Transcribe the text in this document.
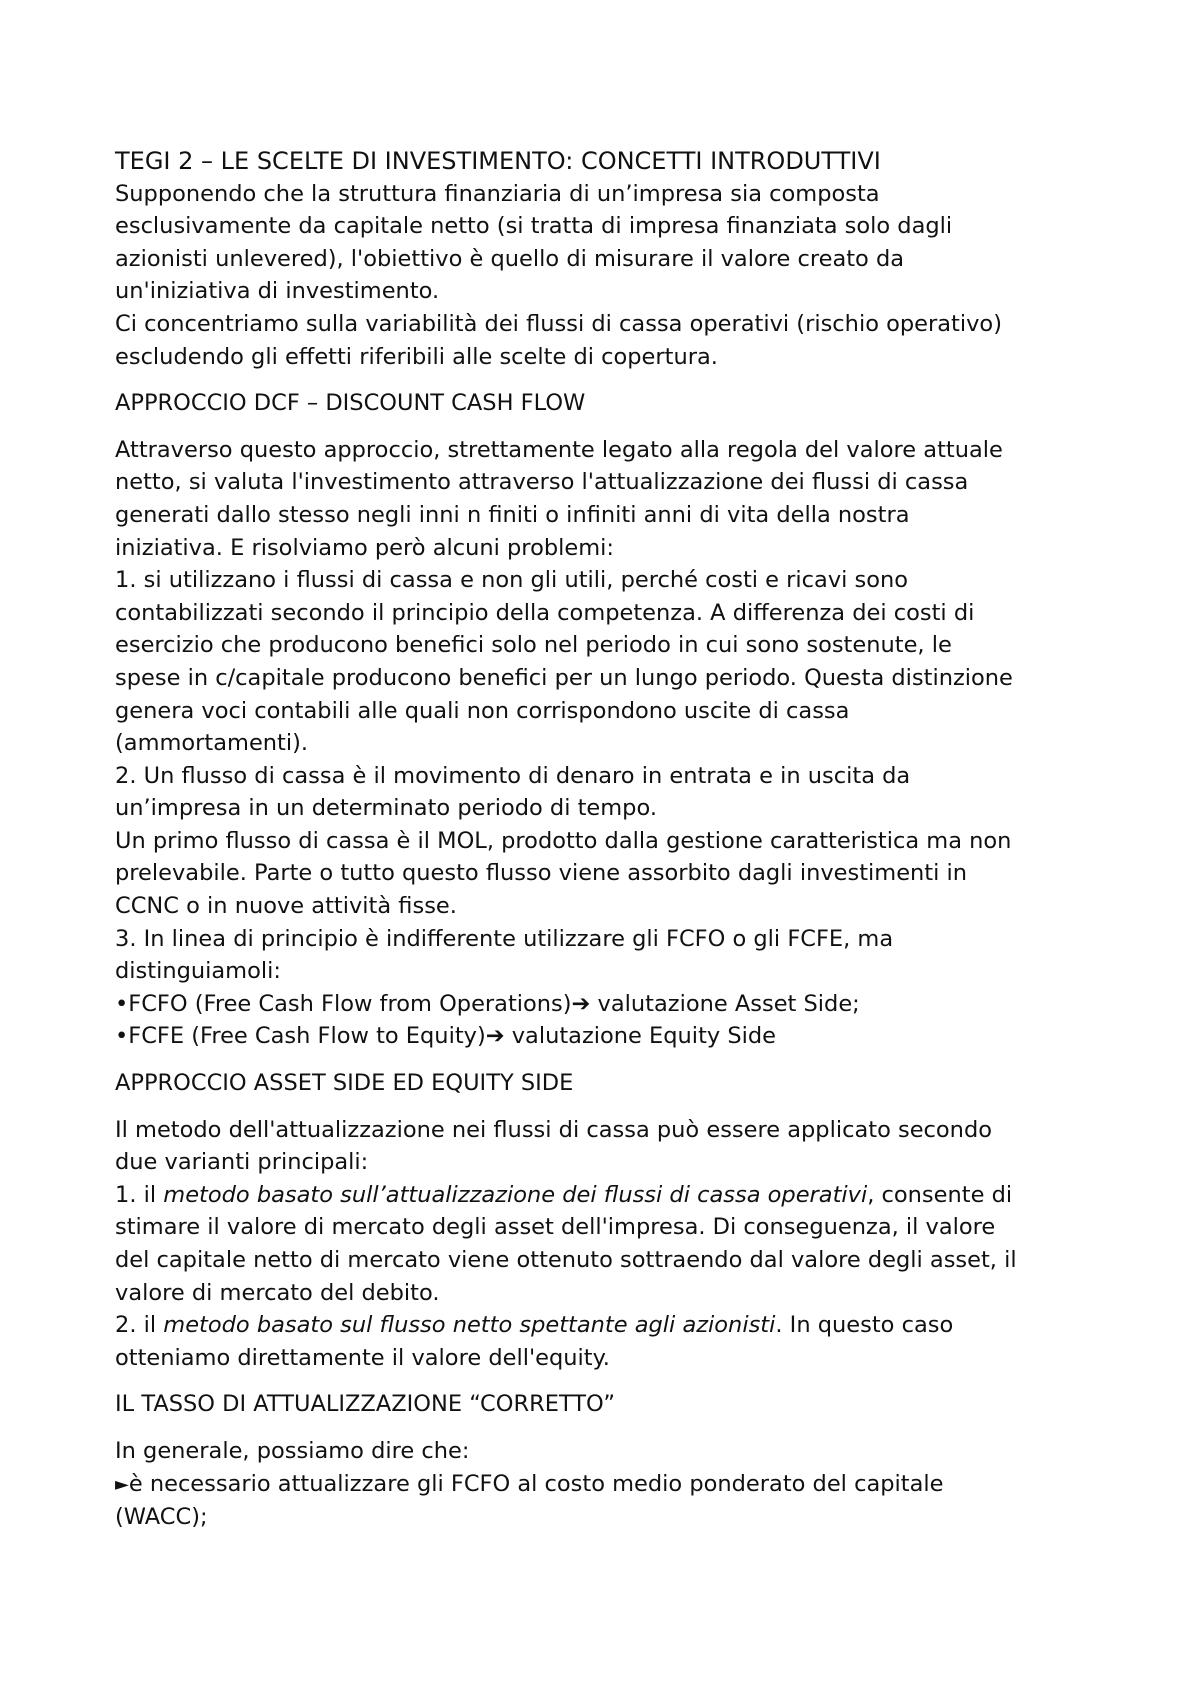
TEGI 2 – LE SCELTE DI INVESTIMENTO: CONCETTI INTRODUTTIVI

Supponendo che la struttura finanziaria di un’impresa sia composta

esclusivamente da capitale netto (si tratta di impresa finanziata solo dagli

azionisti unlevered), l'obiettivo è quello di misurare il valore creato da

un'iniziativa di investimento.

Ci concentriamo sulla variabilità dei flussi di cassa operativi (rischio operativo)

escludendo gli effetti riferibili alle scelte di copertura.

APPROCCIO DCF – DISCOUNT CASH FLOW

Attraverso questo approccio, strettamente legato alla regola del valore attuale

netto, si valuta l'investimento attraverso l'attualizzazione dei flussi di cassa

generati dallo stesso negli inni n finiti o infiniti anni di vita della nostra

iniziativa. E risolviamo però alcuni problemi:

1. si utilizzano i flussi di cassa e non gli utili, perché costi e ricavi sono

contabilizzati secondo il principio della competenza. A differenza dei costi di

esercizio che producono benefici solo nel periodo in cui sono sostenute, le

spese in c/capitale producono benefici per un lungo periodo. Questa distinzione

genera voci contabili alle quali non corrispondono uscite di cassa

(ammortamenti).

2. Un flusso di cassa è il movimento di denaro in entrata e in uscita da

un’impresa in un determinato periodo di tempo.

Un primo flusso di cassa è il MOL, prodotto dalla gestione caratteristica ma non

prelevabile. Parte o tutto questo flusso viene assorbito dagli investimenti in

CCNC o in nuove attività fisse.

3. In linea di principio è indifferente utilizzare gli FCFO o gli FCFE, ma

distinguiamoli:

•FCFO (Free Cash Flow from Operations)➔ valutazione Asset Side;

•FCFE (Free Cash Flow to Equity)➔ valutazione Equity Side

APPROCCIO ASSET SIDE ED EQUITY SIDE

Il metodo dell'attualizzazione nei flussi di cassa può essere applicato secondo

due varianti principali:

1. il metodo basato sull’attualizzazione dei flussi di cassa operativi, consente di

stimare il valore di mercato degli asset dell'impresa. Di conseguenza, il valore

del capitale netto di mercato viene ottenuto sottraendo dal valore degli asset, il

valore di mercato del debito.

2. il metodo basato sul flusso netto spettante agli azionisti. In questo caso

otteniamo direttamente il valore dell'equity.

IL TASSO DI ATTUALIZZAZIONE “CORRETTO”

In generale, possiamo dire che:

►è necessario attualizzare gli FCFO al costo medio ponderato del capitale

(WACC);
